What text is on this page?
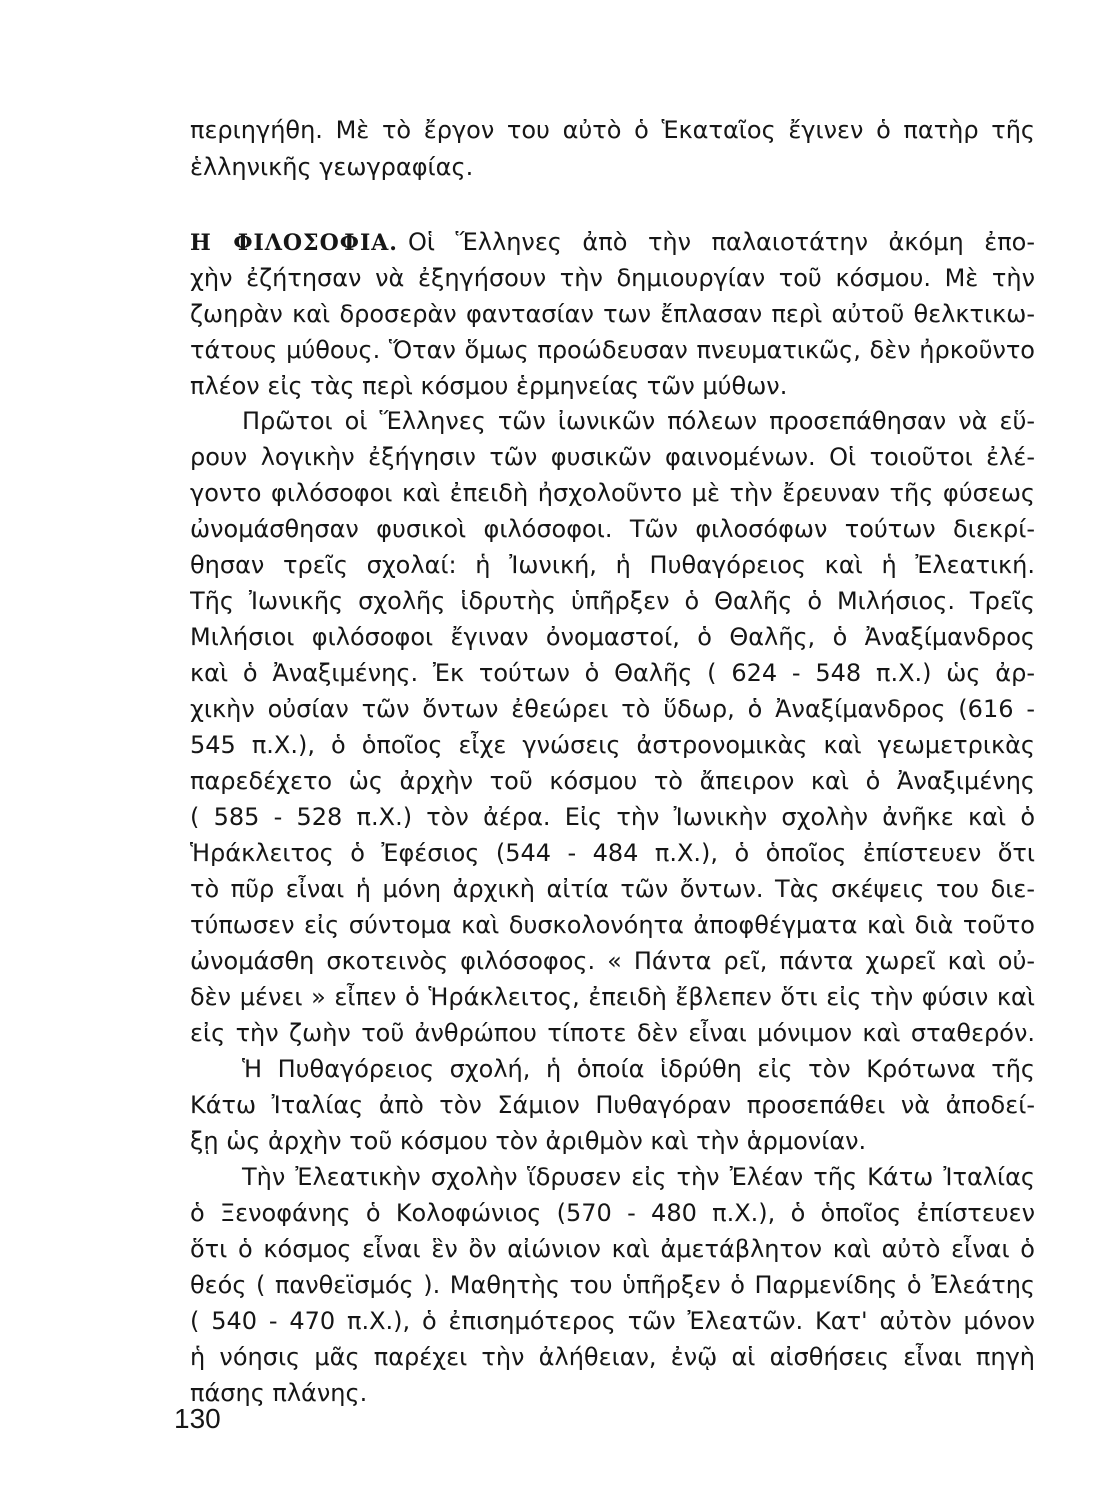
περιηγήθη. Μὲ τὸ ἔργον του αὐτὸ ὁ Ἑκαταῖος ἔγινεν ὁ πατὴρ τῆς
ἑλληνικῆς γεωγραφίας.
Η ΦΙΛΟΣΟΦΙΑ. Οἱ Ἕλληνες ἀπὸ τὴν παλαιοτάτην ἀκόμη ἐπο-
χὴν ἐζήτησαν νὰ ἐξηγήσουν τὴν δημιουργίαν τοῦ κόσμου. Μὲ τὴν
ζωηρὰν καὶ δροσερὰν φαντασίαν των ἔπλασαν περὶ αὐτοῦ θελκτικω-
τάτους μύθους. Ὅταν ὅμως προώδευσαν πνευματικῶς, δὲν ἠρκοῦντο
πλέον εἰς τὰς περὶ κόσμου ἑρμηνείας τῶν μύθων.
Πρῶτοι οἱ Ἕλληνες τῶν ἰωνικῶν πόλεων προσεπάθησαν νὰ εὕ-
ρουν λογικὴν ἐξήγησιν τῶν φυσικῶν φαινομένων. Οἱ τοιοῦτοι ἐλέ-
γοντο φιλόσοφοι καὶ ἐπειδὴ ἠσχολοῦντο μὲ τὴν ἔρευναν τῆς φύσεως
ὠνομάσθησαν φυσικοὶ φιλόσοφοι. Τῶν φιλοσόφων τούτων διεκρί-
θησαν τρεῖς σχολαί: ἡ Ἰωνική, ἡ Πυθαγόρειος καὶ ἡ Ἐλεατική.
Τῆς Ἰωνικῆς σχολῆς ἱδρυτὴς ὑπῆρξεν ὁ Θαλῆς ὁ Μιλήσιος. Τρεῖς
Μιλήσιοι φιλόσοφοι ἔγιναν ὀνομαστοί, ὁ Θαλῆς, ὁ Ἀναξίμανδρος
καὶ ὁ Ἀναξιμένης. Ἐκ τούτων ὁ Θαλῆς ( 624 - 548 π.Χ.) ὡς ἀρ-
χικὴν οὐσίαν τῶν ὄντων ἐθεώρει τὸ ὕδωρ, ὁ Ἀναξίμανδρος (616 -
545 π.Χ.), ὁ ὁποῖος εἶχε γνώσεις ἀστρονομικὰς καὶ γεωμετρικὰς
παρεδέχετο ὡς ἀρχὴν τοῦ κόσμου τὸ ἄπειρον καὶ ὁ Ἀναξιμένης
( 585 - 528 π.Χ.) τὸν ἀέρα. Εἰς τὴν Ἰωνικὴν σχολὴν ἀνῆκε καὶ ὁ
Ἡράκλειτος ὁ Ἐφέσιος (544 - 484 π.Χ.), ὁ ὁποῖος ἐπίστευεν ὅτι
τὸ πῦρ εἶναι ἡ μόνη ἀρχικὴ αἰτία τῶν ὄντων. Τὰς σκέψεις του διε-
τύπωσεν εἰς σύντομα καὶ δυσκολονόητα ἀποφθέγματα καὶ διὰ τοῦτο
ὠνομάσθη σκοτεινὸς φιλόσοφος. « Πάντα ρεῖ, πάντα χωρεῖ καὶ οὐ-
δὲν μένει » εἶπεν ὁ Ἡράκλειτος, ἐπειδὴ ἔβλεπεν ὅτι εἰς τὴν φύσιν καὶ
εἰς τὴν ζωὴν τοῦ ἀνθρώπου τίποτε δὲν εἶναι μόνιμον καὶ σταθερόν.
Ἡ Πυθαγόρειος σχολή, ἡ ὁποία ἱδρύθη εἰς τὸν Κρότωνα τῆς
Κάτω Ἰταλίας ἀπὸ τὸν Σάμιον Πυθαγόραν προσεπάθει νὰ ἀποδεί-
ξῃ ὡς ἀρχὴν τοῦ κόσμου τὸν ἀριθμὸν καὶ τὴν ἁρμονίαν.
Τὴν Ἐλεατικὴν σχολὴν ἵδρυσεν εἰς τὴν Ἐλέαν τῆς Κάτω Ἰταλίας
ὁ Ξενοφάνης ὁ Κολοφώνιος (570 - 480 π.Χ.), ὁ ὁποῖος ἐπίστευεν
ὅτι ὁ κόσμος εἶναι ἓν ὂν αἰώνιον καὶ ἀμετάβλητον καὶ αὐτὸ εἶναι ὁ
θεός ( πανθεϊσμός ). Μαθητὴς του ὑπῆρξεν ὁ Παρμενίδης ὁ Ἐλεάτης
( 540 - 470 π.Χ.), ὁ ἐπισημότερος τῶν Ἐλεατῶν. Κατ' αὐτὸν μόνον
ἡ νόησις μᾶς παρέχει τὴν ἀλήθειαν, ἐνῷ αἱ αἰσθήσεις εἶναι πηγὴ
πάσης πλάνης.
130
